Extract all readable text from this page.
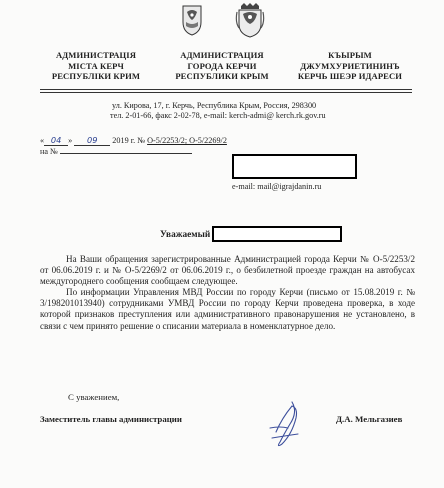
АДМИНИСТРАЦІЯ
МІСТА КЕРЧ
РЕСПУБЛІКИ КРИМ
АДМИНИСТРАЦИЯ
ГОРОДА КЕРЧИ
РЕСПУБЛИКИ КРЫМ
КЪЫРЫМ
ДЖУМХУРИЕТИНИНЪ
КЕРЧЬ ШЕЭР ИДАРЕСИ
ул. Кирова, 17, г. Керчь, Республика Крым, Россия, 298300
тел. 2-01-66, факс 2-02-78, e-mail: kerch-admi@ kerch.rk.gov.ru
« 04 » 09 2019 г. № О-5/2253/2; О-5/2269/2
на №
e-mail: mail@igrajdanin.ru
Уважаемый

На Ваши обращения зарегистрированные Администрацией города Керчи № О-5/2253/2 от 06.06.2019 г. и № О-5/2269/2 от 06.06.2019 г., о безбилетной проезде граждан на автобусах междугороднего сообщения сообщаем следующее.

По информации Управления МВД России по городу Керчи (письмо от 15.08.2019 г. № 3/198201013940) сотрудниками УМВД России по городу Керчи проведена проверка, в ходе которой признаков преступления или административного правонарушения не установлено, в связи с чем принято решение о списании материала в номенклатурное дело.

С уважением,
Заместитель главы администрации	Д.А. Мельгазиев
